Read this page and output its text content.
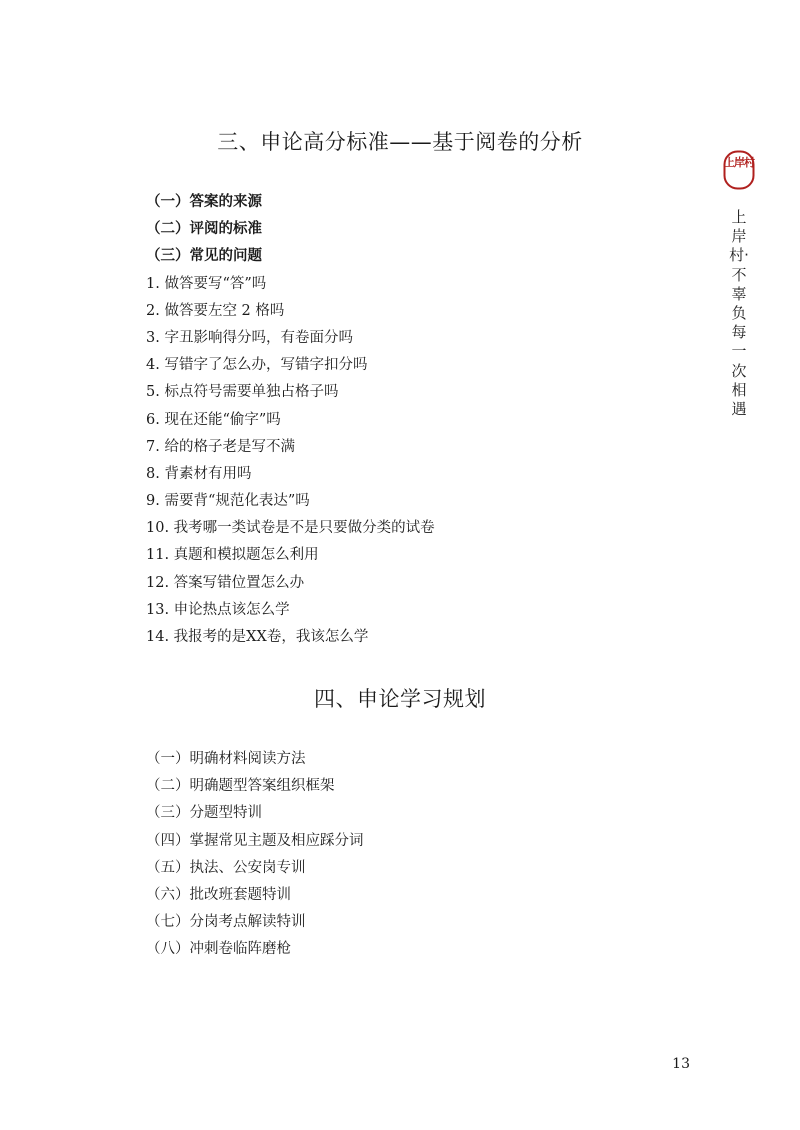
三、申论高分标准——基于阅卷的分析
（一）答案的来源
（二）评阅的标准
（三）常见的问题
1. 做答要写“答”吗
2. 做答要左空 2 格吗
3. 字丑影响得分吗，有卷面分吗
4. 写错字了怎么办，写错字扣分吗
5. 标点符号需要单独占格子吗
6. 现在还能“偷字”吗
7. 给的格子老是写不满
8. 背素材有用吗
9. 需要背“规范化表达”吗
10. 我考哪一类试卷是不是只要做分类的试卷
11. 真题和模拟题怎么利用
12. 答案写错位置怎么办
13. 申论热点该怎么学
14. 我报考的是XX卷，我该怎么学
四、申论学习规划
（一）明确材料阅读方法
（二）明确题型答案组织框架
（三）分题型特训
（四）掌握常见主题及相应踩分词
（五）执法、公安岗专训
（六）批改班套题特训
（七）分岗考点解读特训
（八）冲刺卷临阵磨枪
上岸村
上岸村·不辜负每一次相遇
13
